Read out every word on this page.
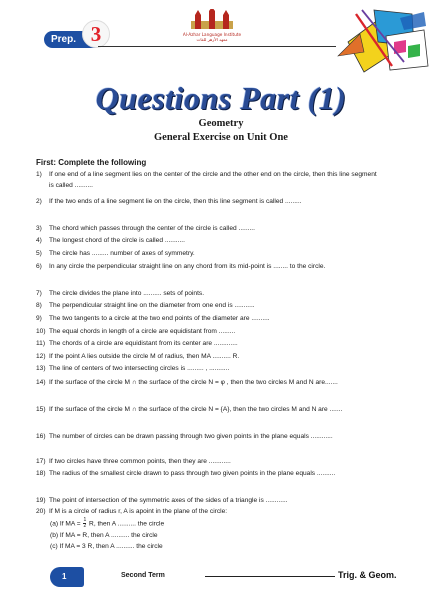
Prep. 3	Al-Azhar Language Institute
معهد الأزهر للغات
Questions Part (1)
Geometry
General Exercise on Unit One
First: Complete the following
1)	If one end of a line segment lies on the center of the circle and the other end on the circle, then this line segment is called ..........
2)	If the two ends of a line segment lie on the circle, then this line segment is called .........
3)	The chord which passes through the center of the circle is called .........
4)	The longest chord of the circle is called ...........
5)	The circle has ......... number of axes of symmetry.
6)	In any circle the perpendicular straight line on any chord from its mid-point is ........ to the circle.
7)	The circle divides the plane into .......... sets of points.
8)	The perpendicular straight line on the diameter from one end is ...........
9)	The two tangents to a circle at the two end points of the diameter are ..........
10) The equal chords in length of a circle are equidistant from .........
11) The chords of a circle are equidistant from its center are .............
12) If the point A lies outside the circle M of radius, then MA .......... R.
13) The line of centers of two intersecting circles is ......... , ...........
14) If the surface of the circle M ∩ the surface of the circle N = φ , then the two circles M and N are.......
15) If the surface of the circle M ∩ the surface of the circle N = {A}, then the two circles M and N are .......
16) The number of circles can be drawn passing through two given points in the plane equals ............
17) If two circles have three common points, then they are ............
18) The radius of the smallest circle drawn to pass through two given points in the plane equals ..........
19) The point of intersection of the symmetric axes of the sides of a triangle is ............
20) If M is a circle of radius r, A is apoint in the plane of the circle:
(a) If MA = $\frac{1}{2} R$, then A .......... the circle
(b) If MA = R, then A .......... the circle
(c) If MA = 3 R, then A .......... the circle
1	Second Term	Trig. & Geom.
